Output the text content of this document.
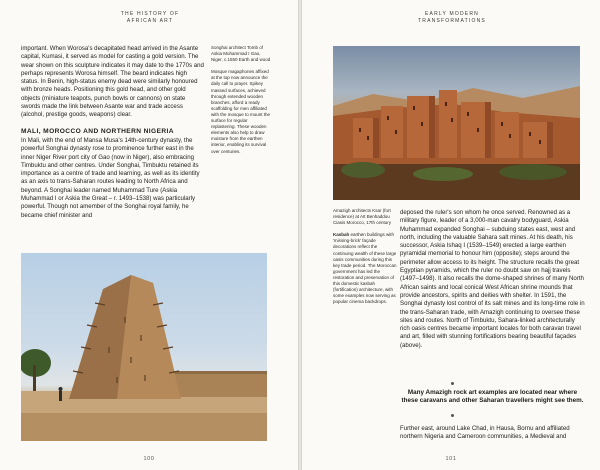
THE HISTORY OF
AFRICAN ART

important. When Worosa's decapitated head arrived in the Asante capital, Kumasi, it served as model for casting a gold version. The wear shown on this sculpture indicates it may date to the 1770s and perhaps represents Worosa himself. The beard indicates high status. In Benin, high-status enemy dead were similarly honoured with bronze heads. Positioning this gold head, and other gold objects (miniature teapots, punch bowls or cannons) on state swords made the link between Asante war and trade access (alcohol, prestige goods, weapons) clear.

MALI, MOROCCO AND NORTHERN NIGERIA

In Mali, with the end of Mansa Musa's 14th-century dynasty, the powerful Songhai dynasty rose to prominence further east in the inner Niger River port city of Gao (now in Niger), also embracing Timbuktu and other centres. Under Songhai, Timbuktu retained its importance as a centre of trade and learning, as well as its identity as an axis to trans-Saharan routes leading to North Africa and beyond. A Songhai leader named Muhammad Ture (Askia Muhammad I or Askia the Great – r. 1493–1538) was particularly powerful. Though not amember of the Songhai royal family, he became chief minister and

Songhai architect Tomb of Askia Muhammad I Gao, Niger, c.1550 Earth and wood
Mosque magaphones affixed at the top now announce the daily call to prayer. Spikey massed surfaces, achieved through extended wooden branches, afford a ready scaffolding for men affiliated with the mosque to mount the surface for regular replastering. These wooden elements also help to draw moisture from the earthen interior, enabling its survival over centuries.
100
EARLY MODERN
TRANSFORMATIONS
Amazigh architects Ksar (fort residence) at Aït Benhaddou Ciasis Morocco, 17th century
Kasbah earthen buildings with 'missing-brick' façade decorations reflect the continuing wealth of these large oasis communities during this key trade period. The Moroccan government has led the restoration and preservation of this domestic kasbah (fortification) architecture, with some examples now serving as popular cinema backdrops.

deposed the ruler's son whom he once served. Renowned as a military figure, leader of a 3,000-man cavalry bodyguard, Askia Muhammad expanded Songhai – subduing states east, west and north, including the valuable Sahara salt mines. At his death, his successor, Askia Ishaq I (1539–1549) erected a large earthen pyramidal memorial to honour him (opposite); steps around the perimeter allow access to its height. The structure recalls the great Egyptian pyramids, which the ruler no doubt saw on hajj travels (1497–1498). It also recalls the dome-shaped shrines of many North African saints and local conical West African shrine mounds that provide ancestors, spirits and deities with shelter. In 1591, the Songhai dynasty lost control of its salt mines and its long-time role in the trans-Saharan trade, with Amazigh continuing to oversee these sites and routes. North of Timbuktu, Sahara-linked architecturally rich oasis centres became important locales for both caravan travel and art, filled with stunning fortifications bearing beautiful façades (above).

Many Amazigh rock art examples are located near where these caravans and other Saharan travellers might see them.

Further east, around Lake Chad, in Hausa, Bornu and affiliated northern Nigeria and Cameroon communities, a Medieval and

101
